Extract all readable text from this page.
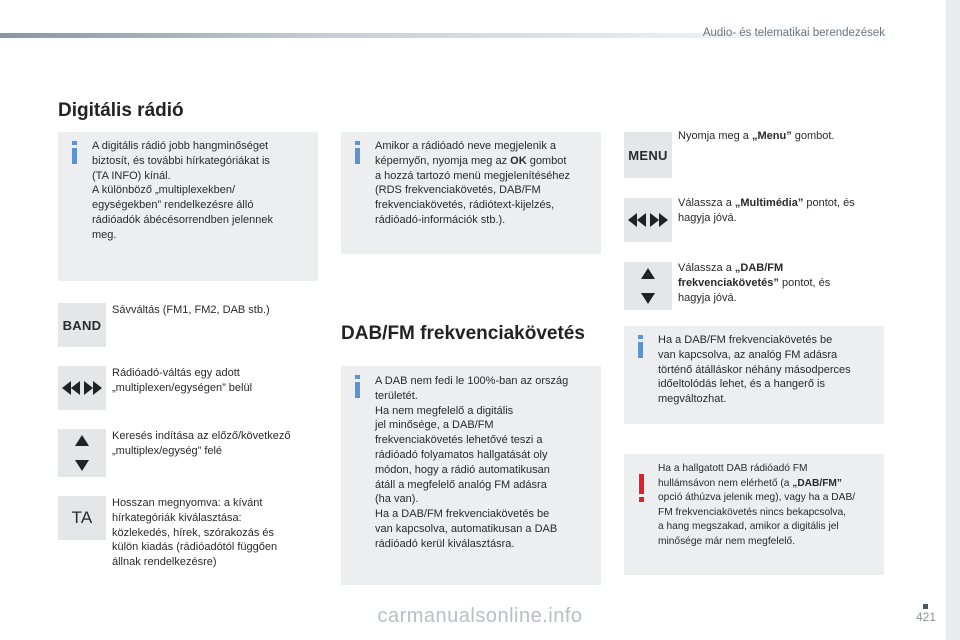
Audio- és telematikai berendezések
Digitális rádió
A digitális rádió jobb hangminőséget
biztosít, és további hírkategóriákat is
(TA INFO) kínál.
A különböző „multiplexekben/
egységekben” rendelkezésre álló
rádióadók ábécésorrendben jelennek
meg.
Amikor a rádióadó neve megjelenik a
képernyőn, nyomja meg az OK gombot
a hozzá tartozó menü megjelenítéséhez
(RDS frekvenciakövetés, DAB/FM
frekvenciakövetés, rádiótext-kijelzés,
rádióadó-információk stb.).
BAND
Sávváltás (FM1, FM2, DAB stb.)
Rádióadó-váltás egy adott
„multiplexen/egységen” belül
Keresés indítása az előző/következő
„multiplex/egység” felé
TA
Hosszan megnyomva: a kívánt
hírkategóriák kiválasztása:
közlekedés, hírek, szórakozás és
külön kiadás (rádióadótól függően
állnak rendelkezésre)
DAB/FM frekvenciakövetés
A DAB nem fedi le 100%-ban az ország
területét.
Ha nem megfelelő a digitális
jel minősége, a DAB/FM
frekvenciakövetés lehetővé teszi a
rádióadó folyamatos hallgatását oly
módon, hogy a rádió automatikusan
átáll a megfelelő analóg FM adásra
(ha van).
Ha a DAB/FM frekvenciakövetés be
van kapcsolva, automatikusan a DAB
rádióadó kerül kiválasztásra.
MENU
Nyomja meg a „Menu” gombot.
Válassza a „Multimédia” pontot, és
hagyja jóvá.
Válassza a „DAB/FM
frekvenciakövetés” pontot, és
hagyja jóvá.
Ha a DAB/FM frekvenciakövetés be
van kapcsolva, az analóg FM adásra
történő átálláskor néhány másodperces
időeltolódás lehet, és a hangerő is
megváltozhat.
Ha a hallgatott DAB rádióadó FM
hullámsávon nem elérhető (a „DAB/FM”
opció áthúzva jelenik meg), vagy ha a DAB/
FM frekvenciakövetés nincs bekapcsolva,
a hang megszakad, amikor a digitális jel
minősége már nem megfelelő.
421
carmanualsonline.info
